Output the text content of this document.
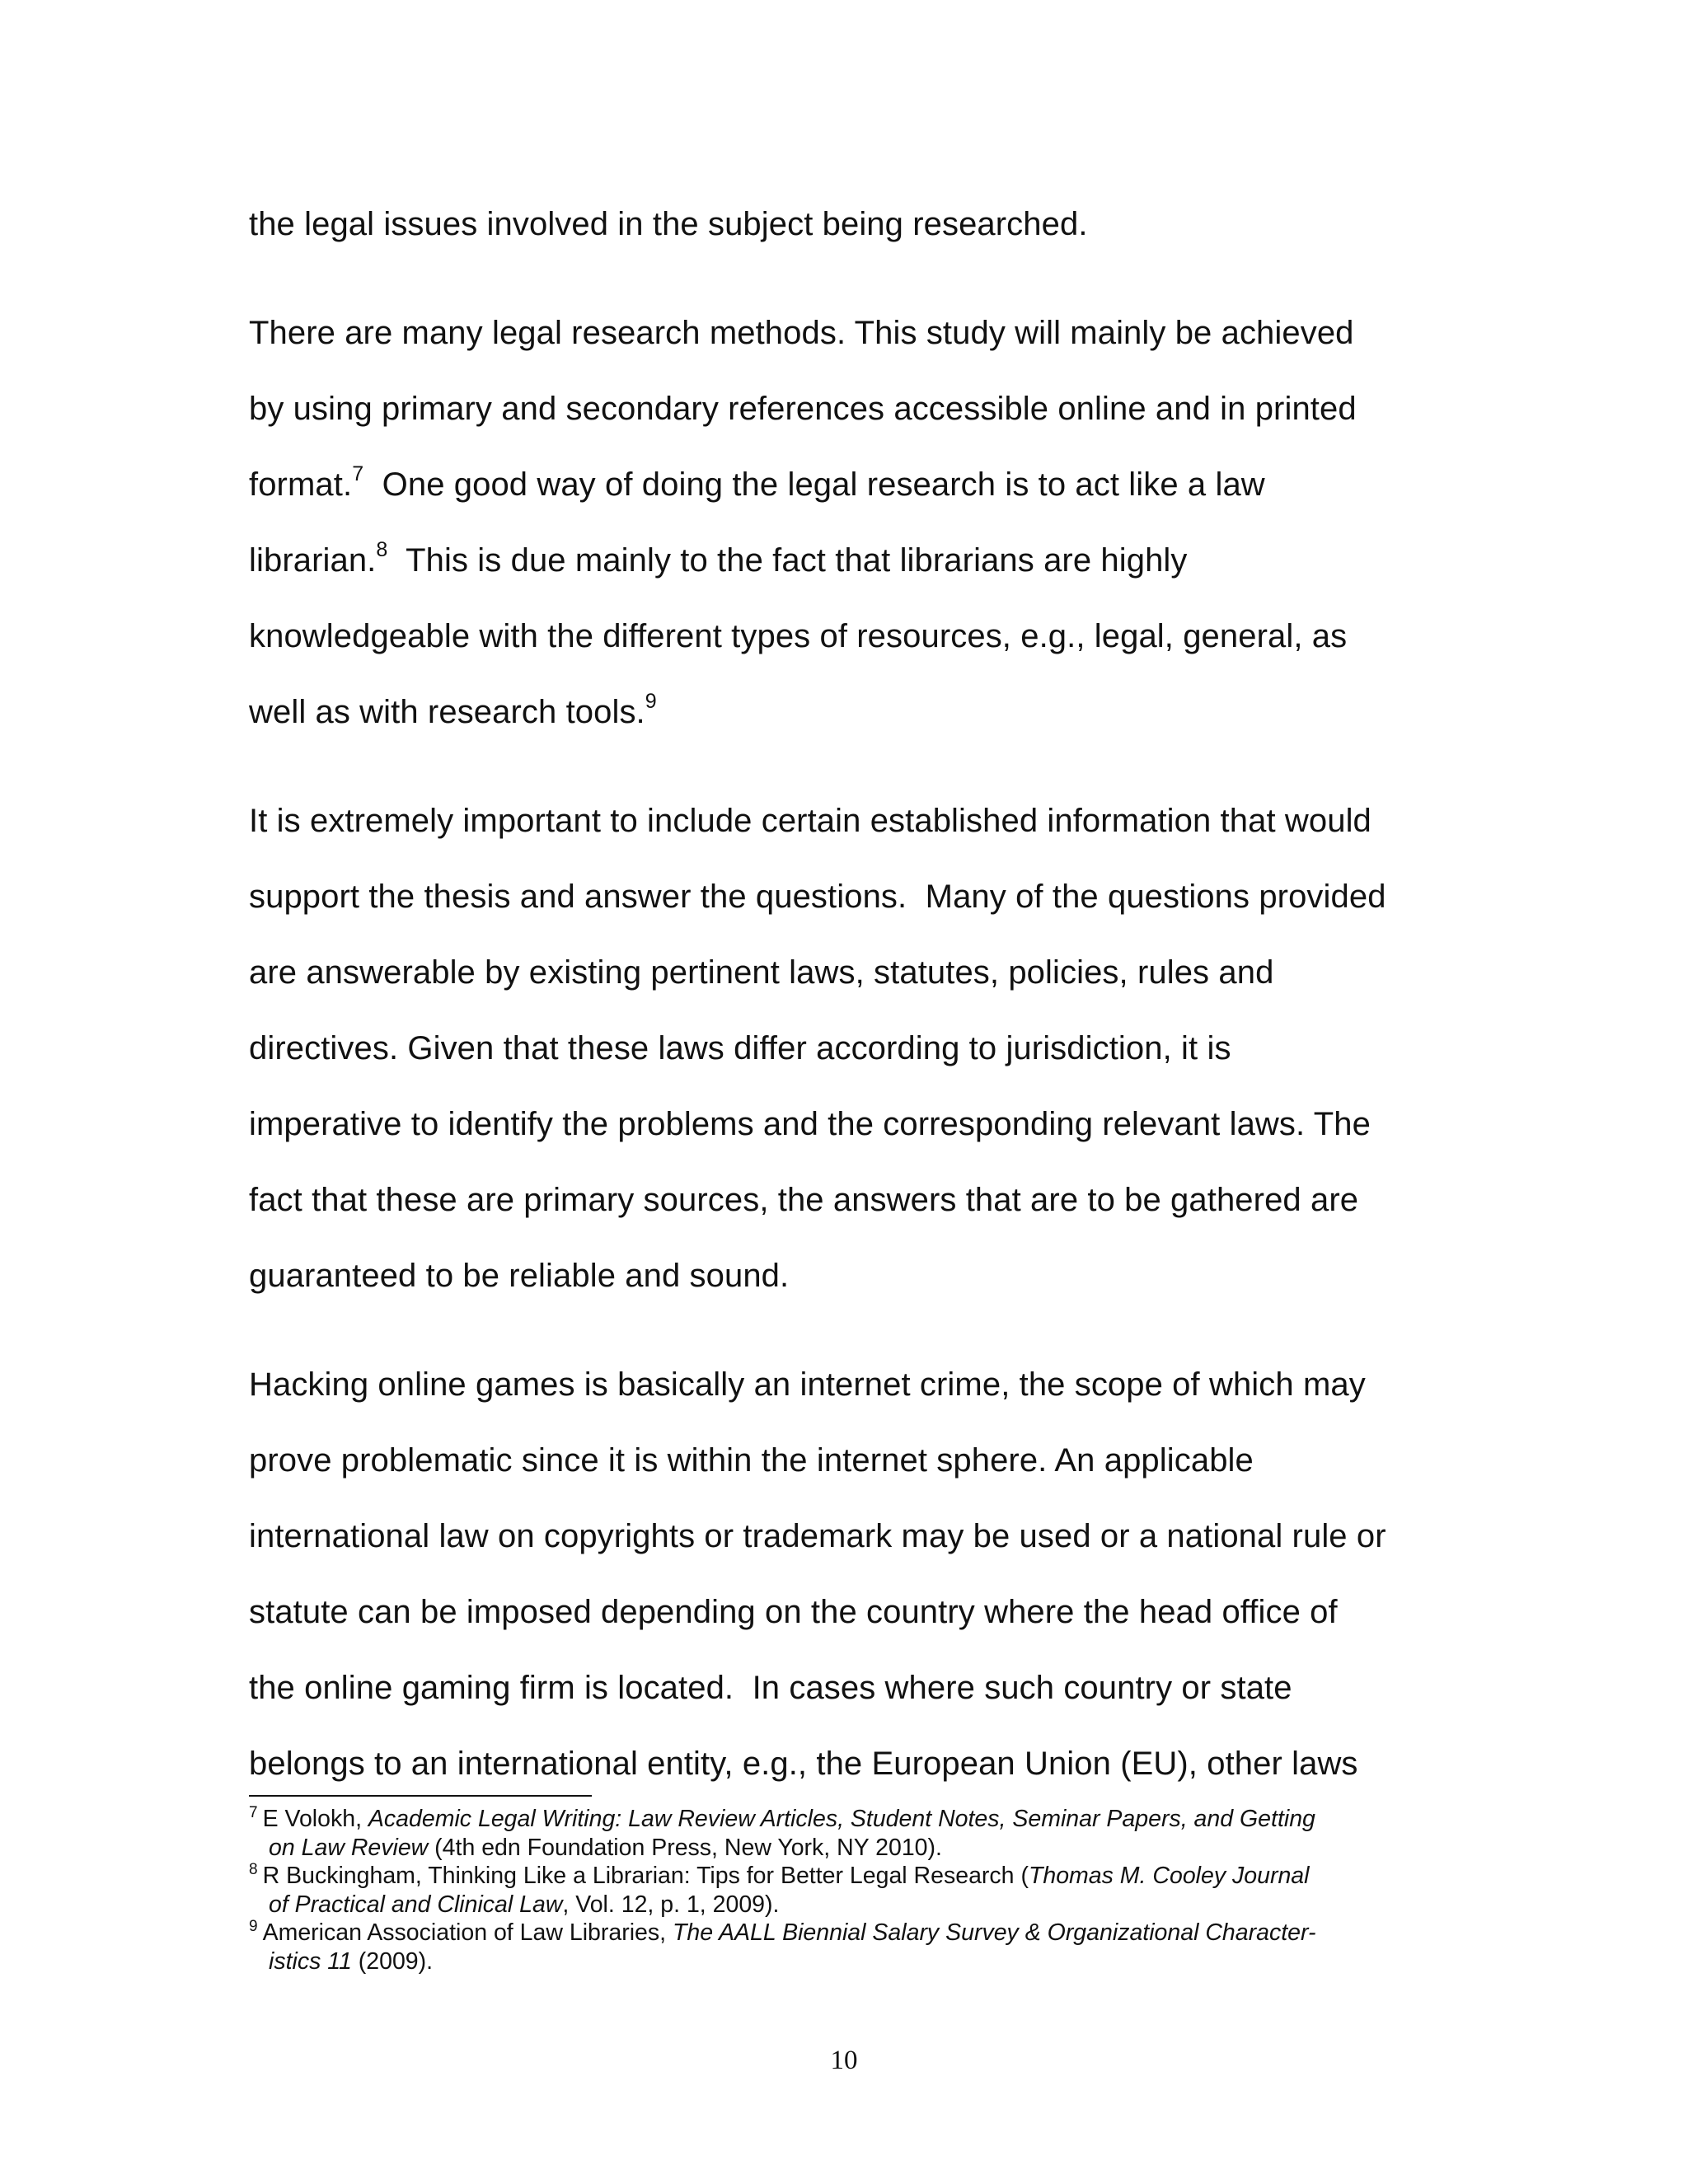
the legal issues involved in the subject being researched.
There are many legal research methods. This study will mainly be achieved
by using primary and secondary references accessible online and in printed
format.$^7$  One good way of doing the legal research is to act like a law
librarian.$^8$  This is due mainly to the fact that librarians are highly
knowledgeable with the different types of resources, e.g., legal, general, as
well as with research tools.$^9$
It is extremely important to include certain established information that would
support the thesis and answer the questions.  Many of the questions provided
are answerable by existing pertinent laws, statutes, policies, rules and
directives. Given that these laws differ according to jurisdiction, it is
imperative to identify the problems and the corresponding relevant laws. The
fact that these are primary sources, the answers that are to be gathered are
guaranteed to be reliable and sound.
Hacking online games is basically an internet crime, the scope of which may
prove problematic since it is within the internet sphere. An applicable
international law on copyrights or trademark may be used or a national rule or
statute can be imposed depending on the country where the head office of
the online gaming firm is located.  In cases where such country or state
belongs to an international entity, e.g., the European Union (EU), other laws
$^7$ E Volokh, Academic Legal Writing: Law Review Articles, Student Notes, Seminar Papers, and Getting
on Law Review (4th edn Foundation Press, New York, NY 2010).
$^8$ R Buckingham, Thinking Like a Librarian: Tips for Better Legal Research (Thomas M. Cooley Journal
of Practical and Clinical Law, Vol. 12, p. 1, 2009).
$^9$ American Association of Law Libraries, The AALL Biennial Salary Survey & Organizational Character-
istics 11 (2009).
10
